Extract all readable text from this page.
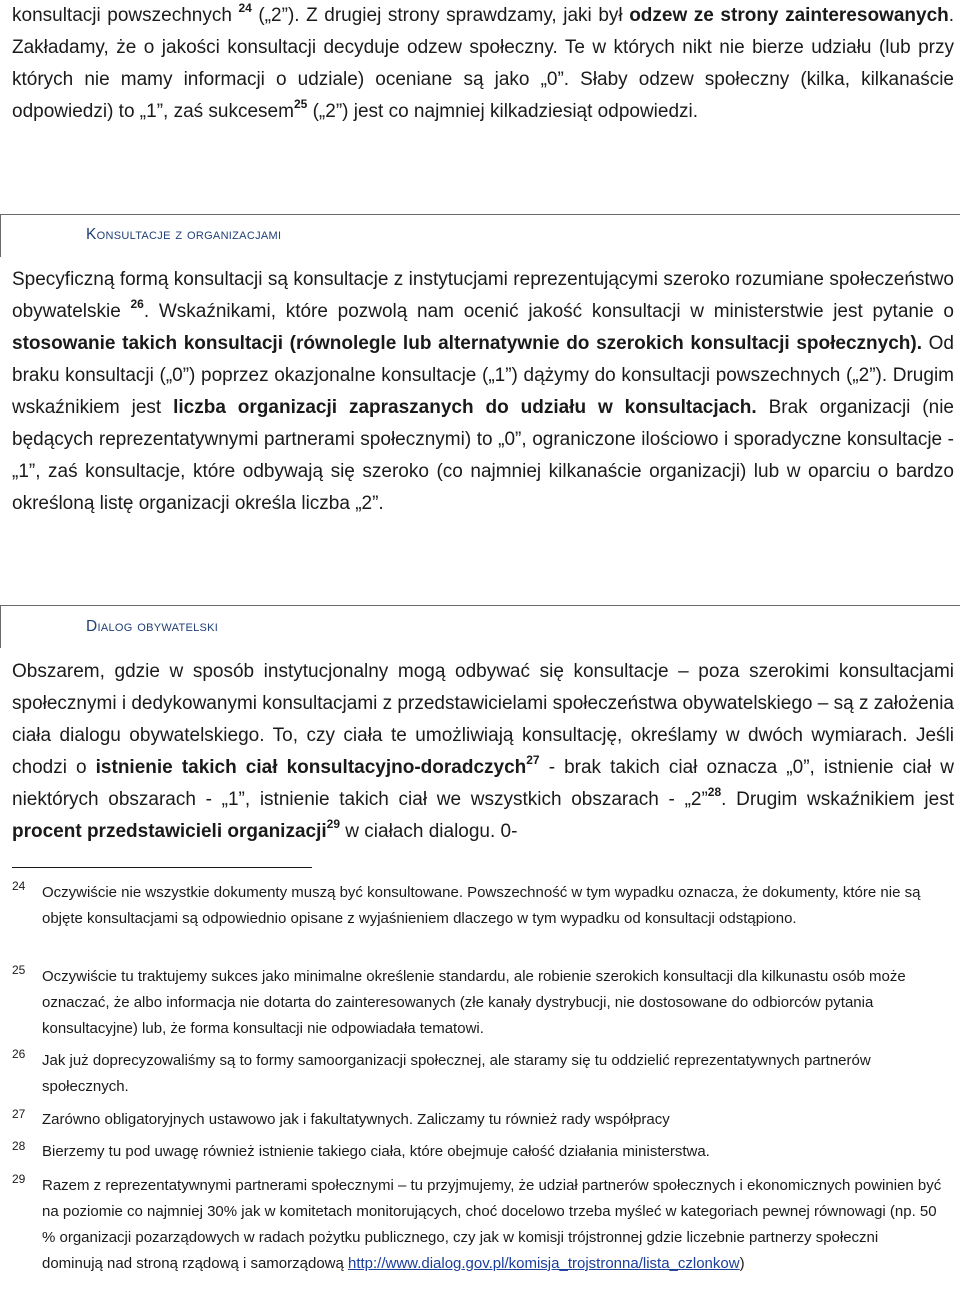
konsultacji powszechnych $^{24}$ („2”). Z drugiej strony sprawdzamy, jaki był odzew ze strony zainteresowanych. Zakładamy, że o jakości konsultacji decyduje odzew społeczny. Te w których nikt nie bierze udziału (lub przy których nie mamy informacji o udziale) oceniane są jako „0”. Słaby odzew społeczny (kilka, kilkanaście odpowiedzi) to „1”, zaś sukcesem$^{25}$ („2”) jest co najmniej kilkadziesiąt odpowiedzi.

Konsultacje z organizacjami

Specyficzną formą konsultacji są konsultacje z instytucjami reprezentującymi szeroko rozumiane społeczeństwo obywatelskie $^{26}$. Wskaźnikami, które pozwolą nam ocenić jakość konsultacji w ministerstwie jest pytanie o stosowanie takich konsultacji (równolegle lub alternatywnie do szerokich konsultacji społecznych). Od braku konsultacji („0”) poprzez okazjonalne konsultacje („1”) dążymy do konsultacji powszechnych („2”). Drugim wskaźnikiem jest liczba organizacji zapraszanych do udziału w konsultacjach. Brak organizacji (nie będących reprezentatywnymi partnerami społecznymi) to „0”, ograniczone ilościowo i sporadyczne konsultacje - „1”, zaś konsultacje, które odbywają się szeroko (co najmniej kilkanaście organizacji) lub w oparciu o bardzo określoną listę organizacji określa liczba „2”.

Dialog obywatelski

Obszarem, gdzie w sposób instytucjonalny mogą odbywać się konsultacje – poza szerokimi konsultacjami społecznymi i dedykowanymi konsultacjami z przedstawicielami społeczeństwa obywatelskiego – są z założenia ciała dialogu obywatelskiego. To, czy ciała te umożliwiają konsultację, określamy w dwóch wymiarach. Jeśli chodzi o istnienie takich ciał konsultacyjno-doradczych$^{27}$ - brak takich ciał oznacza „0”, istnienie ciał w niektórych obszarach - „1”, istnienie takich ciał we wszystkich obszarach - „2”$^{28}$. Drugim wskaźnikiem jest procent przedstawicieli organizacji$^{29}$ w ciałach dialogu. 0-

24 Oczywiście nie wszystkie dokumenty muszą być konsultowane. Powszechność w tym wypadku oznacza, że dokumenty, które nie są objęte konsultacjami są odpowiednio opisane z wyjaśnieniem dlaczego w tym wypadku od konsultacji odstąpiono.

25 Oczywiście tu traktujemy sukces jako minimalne określenie standardu, ale robienie szerokich konsultacji dla kilkunastu osób może oznaczać, że albo informacja nie dotarta do zainteresowanych (złe kanały dystrybucji, nie dostosowane do odbiorców pytania konsultacyjne) lub, że forma konsultacji nie odpowiadała tematowi.

26 Jak już doprecyzowaliśmy są to formy samoorganizacji społecznej, ale staramy się tu oddzielić reprezentatywnych partnerów społecznych.

27 Zarówno obligatoryjnych ustawowo jak i fakultatywnych. Zaliczamy tu również rady współpracy

28 Bierzemy tu pod uwagę również istnienie takiego ciała, które obejmuje całość działania ministerstwa.

29 Razem z reprezentatywnymi partnerami społecznymi – tu przyjmujemy, że udział partnerów społecznych i ekonomicznych powinien być na poziomie co najmniej 30% jak w komitetach monitorujących, choć docelowo trzeba myśleć w kategoriach pewnej równowagi (np. 50 % organizacji pozarządowych w radach pożytku publicznego, czy jak w komisji trójstronnej gdzie liczebnie partnerzy społeczni dominują nad stroną rządową i samorządową http://www.dialog.gov.pl/komisja_trojstronna/lista_czlonkow)
